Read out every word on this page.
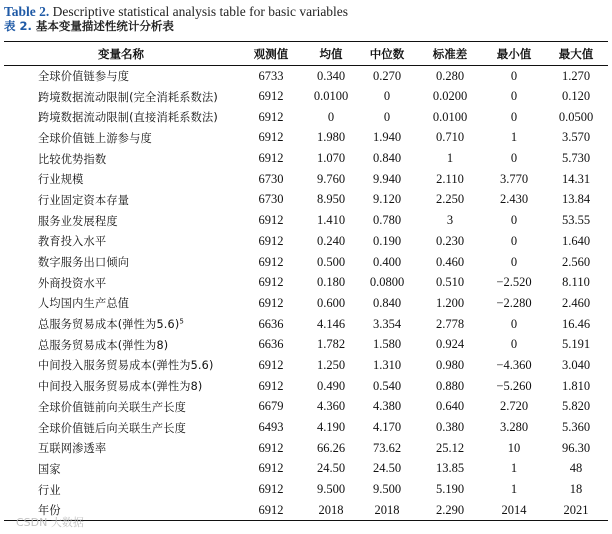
Table 2. Descriptive statistical analysis table for basic variables
表 2. 基本变量描述性统计分析表
变量名称	观测值	均值	中位数	标准差	最小值	最大值
全球价值链参与度	6733	0.340	0.270	0.280	0	1.270
跨境数据流动限制(完全消耗系数法)	6912	0.0100	0	0.0200	0	0.120
跨境数据流动限制(直接消耗系数法)	6912	0	0	0.0100	0	0.0500
全球价值链上游参与度	6912	1.980	1.940	0.710	1	3.570
比较优势指数	6912	1.070	0.840	1	0	5.730
行业规模	6730	9.760	9.940	2.110	3.770	14.31
行业固定资本存量	6730	8.950	9.120	2.250	2.430	13.84
服务业发展程度	6912	1.410	0.780	3	0	53.55
教育投入水平	6912	0.240	0.190	0.230	0	1.640
数字服务出口倾向	6912	0.500	0.400	0.460	0	2.560
外商投资水平	6912	0.180	0.0800	0.510	−2.520	8.110
人均国内生产总值	6912	0.600	0.840	1.200	−2.280	2.460
总服务贸易成本(弹性为5.6)$^5$	6636	4.146	3.354	2.778	0	16.46
总服务贸易成本(弹性为8)	6636	1.782	1.580	0.924	0	5.191
中间投入服务贸易成本(弹性为5.6)	6912	1.250	1.310	0.980	−4.360	3.040
中间投入服务贸易成本(弹性为8)	6912	0.490	0.540	0.880	−5.260	1.810
全球价值链前向关联生产长度	6679	4.360	4.380	0.640	2.720	5.820
全球价值链后向关联生产长度	6493	4.190	4.170	0.380	3.280	5.360
互联网渗透率	6912	66.26	73.62	25.12	10	96.30
国家	6912	24.50	24.50	13.85	1	48
行业	6912	9.500	9.500	5.190	1	18
年份	6912	2018	2018	2.290	2014	2021
CSDN 大数据
